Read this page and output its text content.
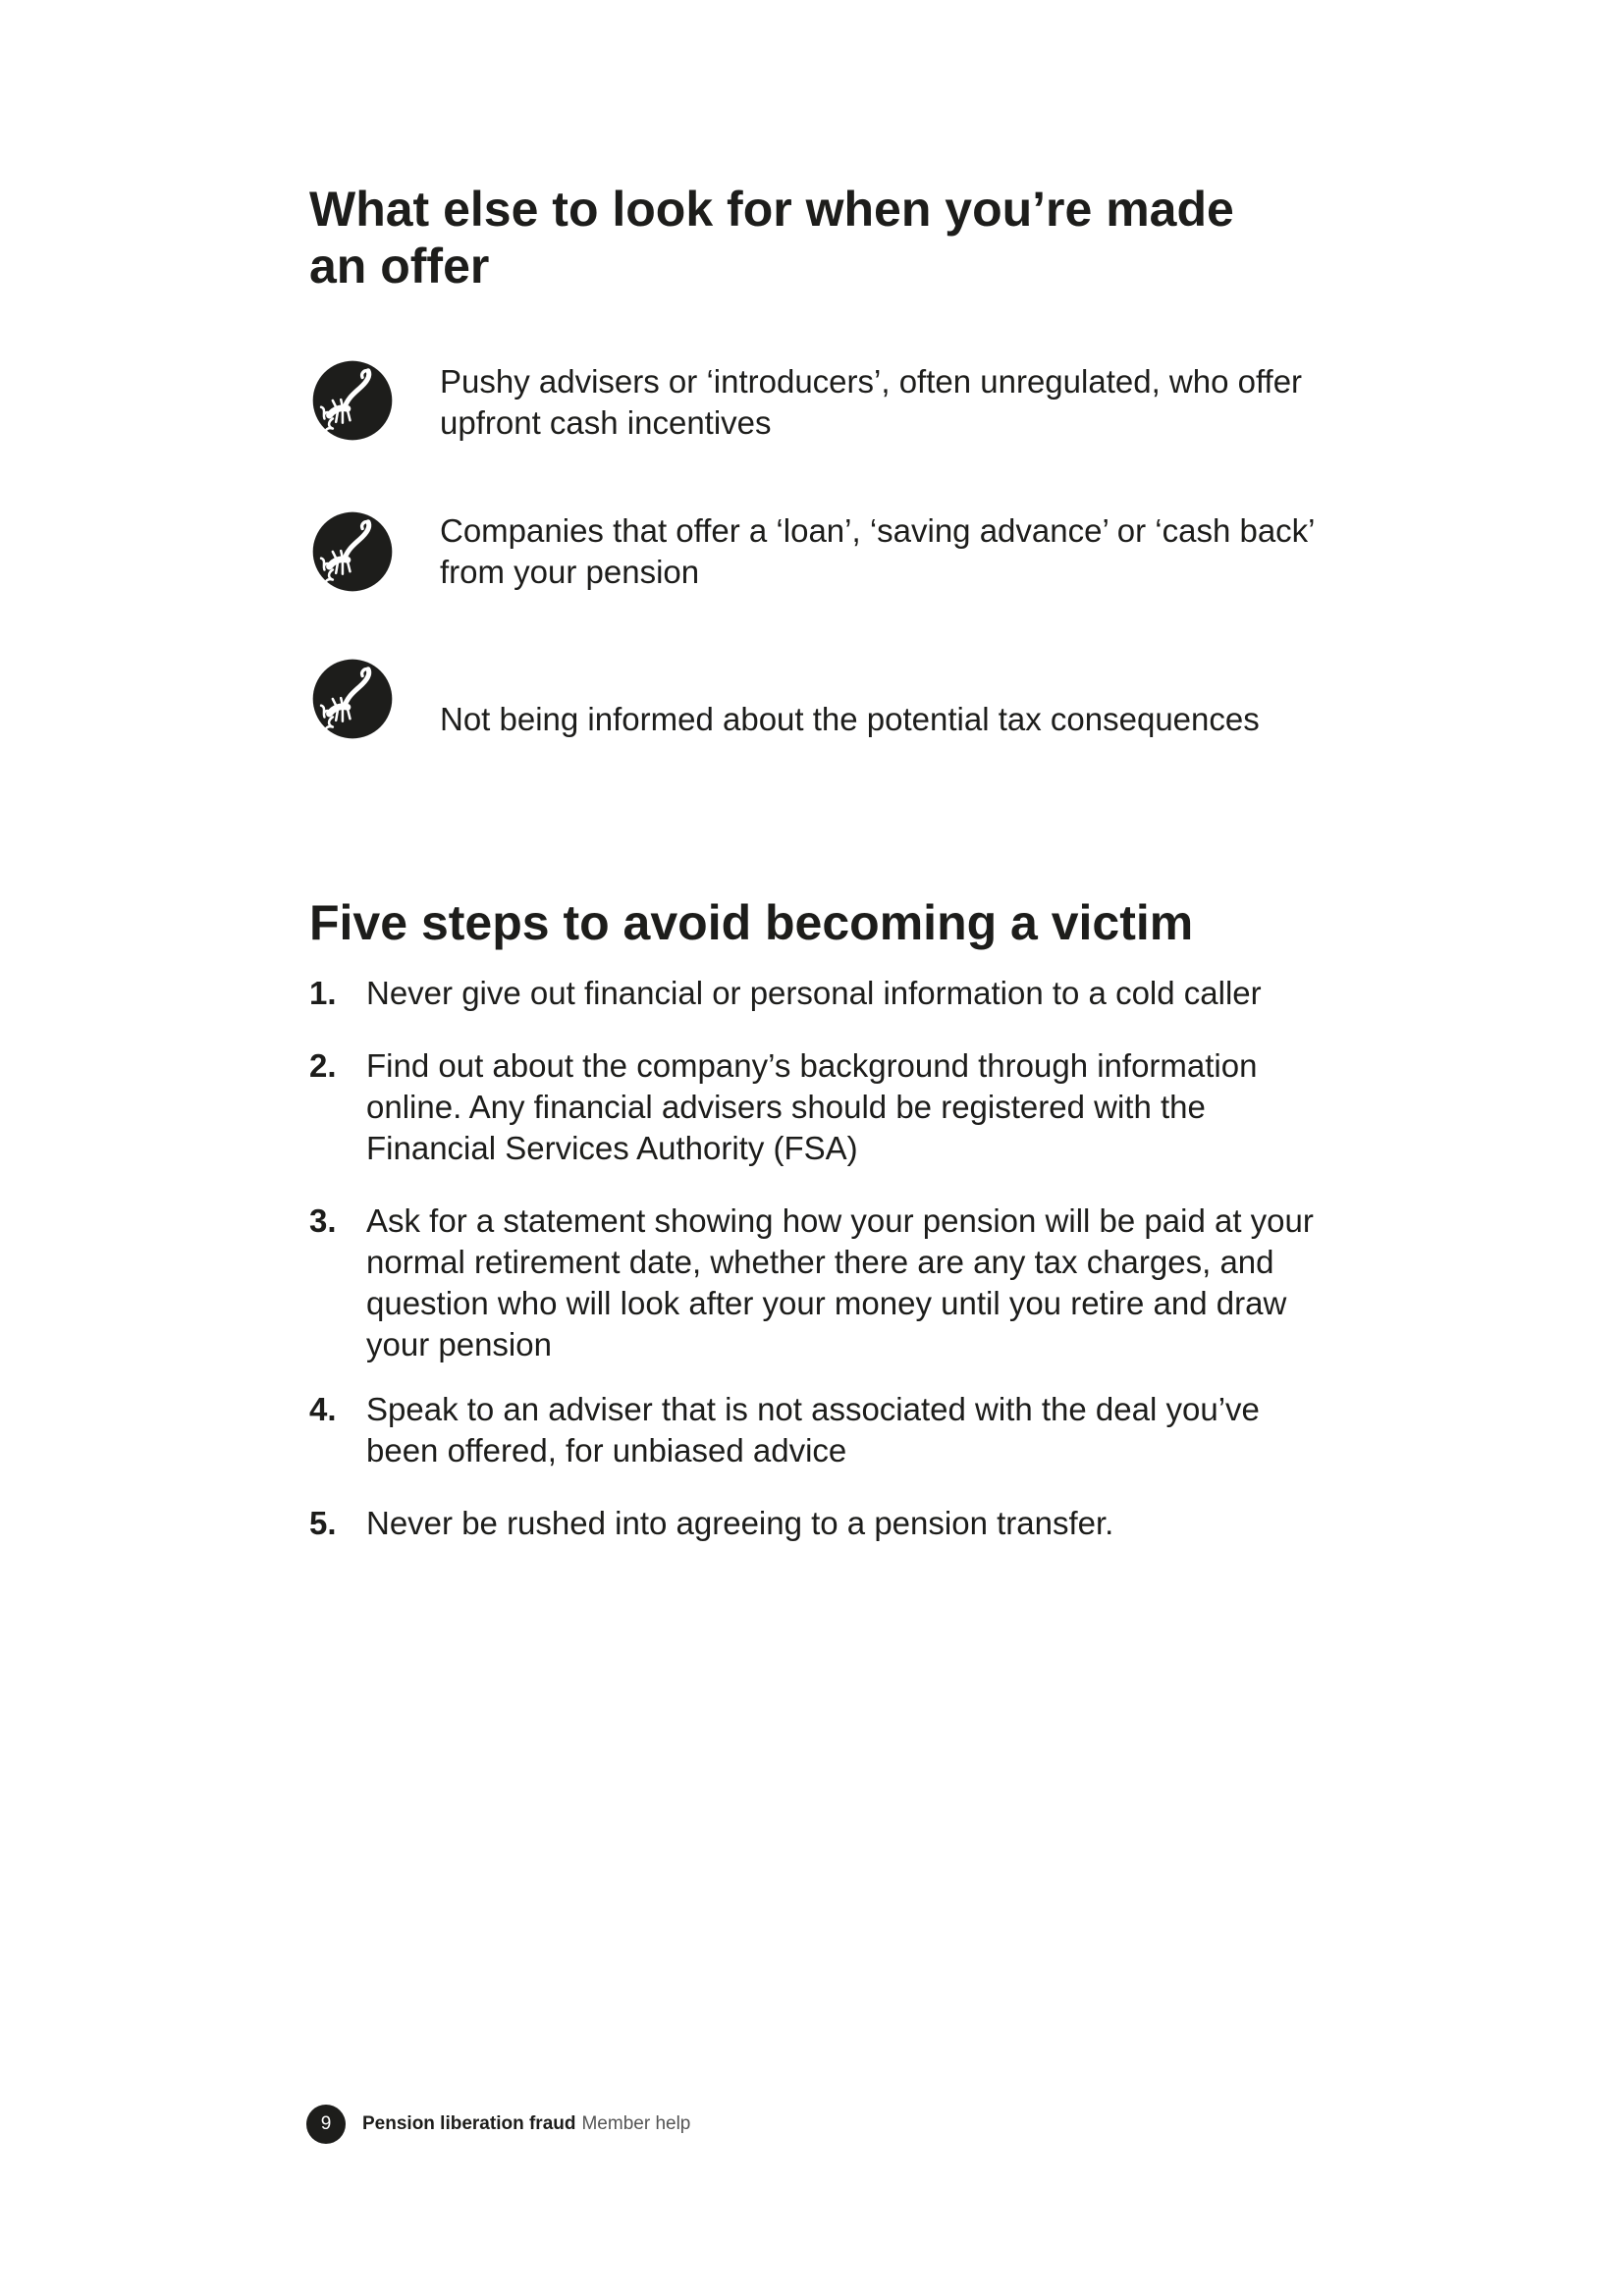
What else to look for when you’re made an offer
Pushy advisers or ‘introducers’, often unregulated, who offer upfront cash incentives
Companies that offer a ‘loan’, ‘saving advance’ or ‘cash back’ from your pension
Not being informed about the potential tax consequences
Five steps to avoid becoming a victim
1. Never give out financial or personal information to a cold caller
2. Find out about the company’s background through information online. Any financial advisers should be registered with the Financial Services Authority (FSA)
3. Ask for a statement showing how your pension will be paid at your normal retirement date, whether there are any tax charges, and question who will look after your money until you retire and draw your pension
4. Speak to an adviser that is not associated with the deal you’ve been offered, for unbiased advice
5. Never be rushed into agreeing to a pension transfer.
9	Pension liberation fraud Member help
